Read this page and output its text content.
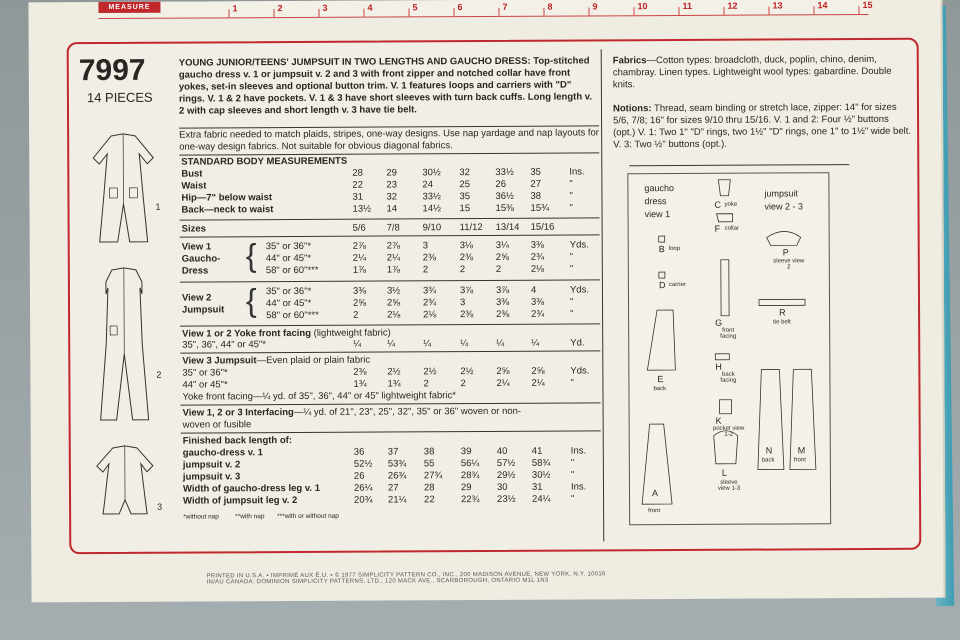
MEASURE	1	2	3	4	5	6	7	8	9	10	11	12	13	14	15
7997
14 PIECES
1
2
3
YOUNG JUNIOR/TEENS' JUMPSUIT IN TWO LENGTHS AND GAUCHO DRESS: Top-stitched gaucho dress v. 1 or jumpsuit v. 2 and 3 with front zipper and notched collar have front yokes, set-in sleeves and optional button trim. V. 1 features loops and carriers with "D" rings. V. 1 & 2 have pockets. V. 1 & 3 have short sleeves with turn back cuffs. Long length v. 2 with cap sleeves and short length v. 3 have tie belt.
Extra fabric needed to match plaids, stripes, one-way designs. Use nap yardage and nap layouts for one-way design fabrics. Not suitable for obvious diagonal fabrics.
STANDARD BODY MEASUREMENTS
Bust	28 29	30½ 32	33½ 35	Ins.
Waist	22 23	24	25	26	27	"
Hip—7" below waist	31 32	33½ 35	36½ 38	"
Back—neck to waist	13½ 14	14½ 15	15⅜ 15¾ "
Sizes	5/6 7/8 9/10 11/12 13/14 15/16
View 1
Gaucho-
Dress { 35" or 36"*	2⅞ 2⅞ 3	3⅛ 3¼ 3⅜	Yds.
44" or 45"*	2¼ 2¼ 2⅜ 2⅜ 2⅝ 2¾	"
58" or 60"***	1⅞ 1⅞ 2	2	2	2⅛	"
View 2
Jumpsuit { 35" or 36"*	3⅜ 3½ 3¾ 3⅞ 3⅞ 4	Yds.
44" or 45"*	2⅝ 2⅝ 2¾ 3	3⅜ 3⅜	"
58" or 60"***	2	2⅛ 2⅛ 2⅜ 2⅜ 2¾	"
View 1 or 2 Yoke front facing (lightweight fabric)
35", 36", 44" or 45"*	¼	¼	¼	¼	¼	¼	Yd.
View 3 Jumpsuit—Even plaid or plain fabric
35" or 36"*	2⅜ 2½ 2½ 2½ 2⅝ 2⅝	Yds.
44" or 45"*	1¾ 1¾ 2	2	2¼ 2¼	"
Yoke front facing—¼ yd. of 35", 36", 44" or 45" lightweight fabric*
View 1, 2 or 3 Interfacing—¼ yd. of 21", 23", 25", 32", 35" or 36" woven or non-
woven or fusible
Finished back length of:
gaucho-dress v. 1	36 37	38	39	40	41	Ins.
jumpsuit v. 2	52½ 53¾ 55	56¼ 57½ 58¾ "
jumpsuit v. 3	26 26¾ 27¾ 28¾ 29½ 30½ "
Width of gaucho-dress leg v. 1	26¼ 27	28	29	30	31	Ins.
Width of jumpsuit leg v. 2	20¾ 21¼ 22	22¾ 23½ 24¼ "
*without nap **with nap ***with or without nap
Fabrics—Cotton types: broadcloth, duck, poplin, chino, denim, chambray. Linen types. Lightweight wool types: gabardine. Double knits.
Notions: Thread, seam binding or stretch lace, zipper: 14" for sizes 5/6, 7/8; 16" for sizes 9/10 thru 15/16. V. 1 and 2: Four ½" buttons (opt.) V. 1: Two 1" "D" rings, two 1½" "D" rings, one 1" to 1½" wide belt. V. 3: Two ½" buttons (opt.).
gaucho
dress
view 1
jumpsuit
view 2 - 3
C yoke
B loop
D carrier
F collar
P
sleeve view 2
G
front facing
R
tie belt
E
back
H
back facing
K
pocket view 1-2
A
front
L
sleeve view 1-3
N
back
M
front
PRINTED IN U.S.A. • IMPRIMÉ AUX É.U. • © 1977 SIMPLICITY PATTERN CO., INC., 200 MADISON AVENUE, NEW YORK, N.Y. 10016
IN/AU CANADA: DOMINION SIMPLICITY PATTERNS, LTD., 120 MACK AVE., SCARBOROUGH, ONTARIO M1L 1N3
